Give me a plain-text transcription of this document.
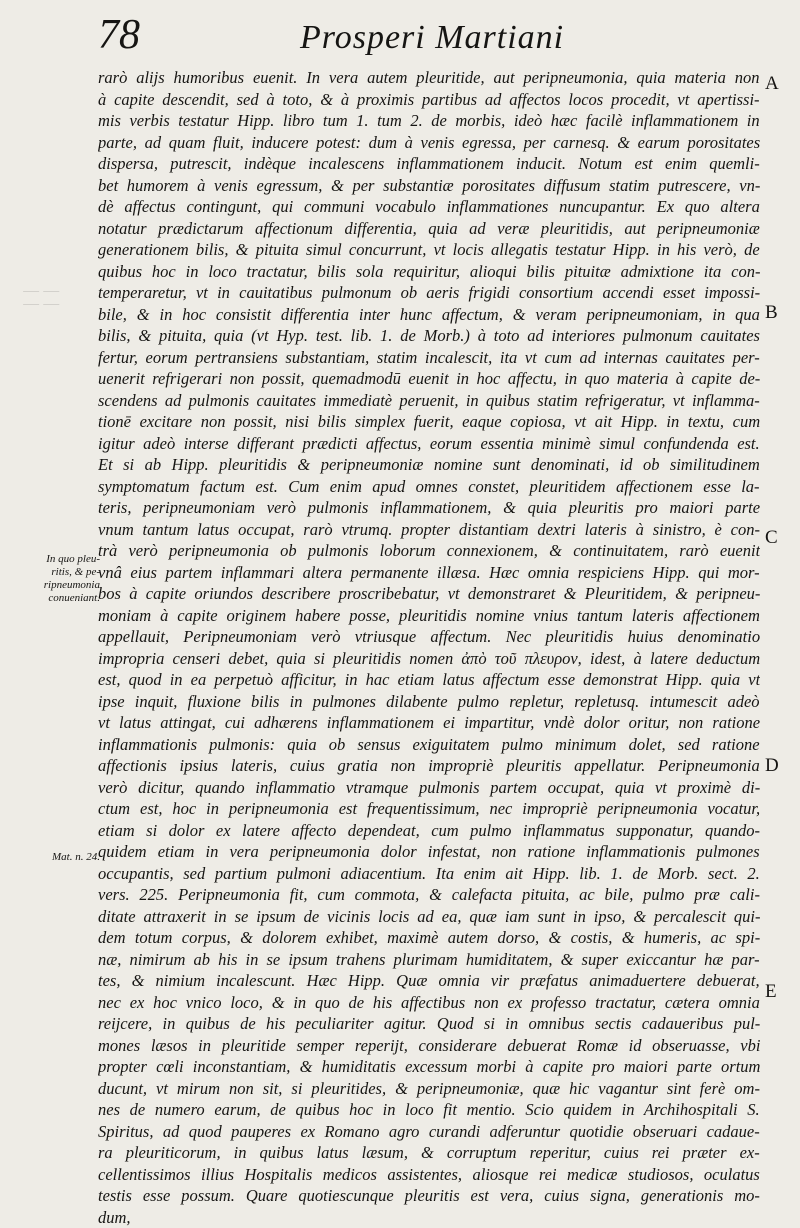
78	Prosperi Martiani
⸺ ⸺
⸺ ⸺
rarò alijs humoribus euenit. In vera autem pleuritide, aut peripneumonia, quia materia non
à capite descendit, sed à toto, & à proximis partibus ad affectos locos procedit, vt apertissi-
mis verbis testatur Hipp. libro tum 1. tum 2. de morbis, ideò hæc facilè inflammationem in
parte, ad quam fluit, inducere potest: dum à venis egressa, per carnesq. & earum porositates
dispersa, putrescit, indèque incalescens inflammationem inducit. Notum est enim quemli-
bet humorem à venis egressum, & per substantiæ porositates diffusum statim putrescere, vn-
dè affectus contingunt, qui communi vocabulo inflammationes nuncupantur. Ex quo altera
notatur prædictarum affectionum differentia, quia ad veræ pleuritidis, aut peripneumoniæ
generationem bilis, & pituita simul concurrunt, vt locis allegatis testatur Hipp. in his verò, de
quibus hoc in loco tractatur, bilis sola requiritur, alioqui bilis pituitæ admixtione ita con-
temperaretur, vt in cauitatibus pulmonum ob aeris frigidi consortium accendi esset impossi-
bile, & in hoc consistit differentia inter hunc affectum, & veram peripneumoniam, in qua
bilis, & pituita, quia (vt Hyp. test. lib. 1. de Morb.) à toto ad interiores pulmonum cauitates
fertur, eorum pertransiens substantiam, statim incalescit, ita vt cum ad internas cauitates per-
uenerit refrigerari non possit, quemadmodū euenit in hoc affectu, in quo materia à capite de-
scendens ad pulmonis cauitates immediatè peruenit, in quibus statim refrigeratur, vt inflamma-
tionē excitare non possit, nisi bilis simplex fuerit, eaque copiosa, vt ait Hipp. in textu, cum
igitur adeò interse differant prædicti affectus, eorum essentia minimè simul confundenda est.
Et si ab Hipp. pleuritidis & peripneumoniæ nomine sunt denominati, id ob similitudinem
symptomatum factum est. Cum enim apud omnes constet, pleuritidem affectionem esse la-
teris, peripneumoniam verò pulmonis inflammationem, & quia pleuritis pro maiori parte
vnum tantum latus occupat, rarò vtrumq. propter distantiam dextri lateris à sinistro, è con-
trà verò peripneumonia ob pulmonis loborum connexionem, & continuitatem, rarò euenit
vnâ eius partem inflammari altera permanente illæsa. Hæc omnia respiciens Hipp. qui mor-
bos à capite oriundos describere proscribebatur, vt demonstraret & Pleuritidem, & peripneu-
moniam à capite originem habere posse, pleuritidis nomine vnius tantum lateris affectionem
appellauit, Peripneumoniam verò vtriusque affectum. Nec pleuritidis huius denominatio
impropria censeri debet, quia si pleuritidis nomen ἀπὸ τοῦ πλευρον, idest, à latere deductum
est, quod in ea perpetuò afficitur, in hac etiam latus affectum esse demonstrat Hipp. quia vt
ipse inquit, fluxione bilis in pulmones dilabente pulmo repletur, repletusq. intumescit adeò
vt latus attingat, cui adhærens inflammationem ei impartitur, vndè dolor oritur, non ratione
inflammationis pulmonis: quia ob sensus exiguitatem pulmo minimum dolet, sed ratione
affectionis ipsius lateris, cuius gratia non impropriè pleuritis appellatur. Peripneumonia
verò dicitur, quando inflammatio vtramque pulmonis partem occupat, quia vt proximè di-
ctum est, hoc in peripneumonia est frequentissimum, nec impropriè peripneumonia vocatur,
etiam si dolor ex latere affecto dependeat, cum pulmo inflammatus supponatur, quando-
quidem etiam in vera peripneumonia dolor infestat, non ratione inflammationis pulmones
occupantis, sed partium pulmoni adiacentium. Ita enim ait Hipp. lib. 1. de Morb. sect. 2.
vers. 225. Peripneumonia fit, cum commota, & calefacta pituita, ac bile, pulmo præ cali-
ditate attraxerit in se ipsum de vicinis locis ad ea, quæ iam sunt in ipso, & percalescit qui-
dem totum corpus, & dolorem exhibet, maximè autem dorso, & costis, & humeris, ac spi-
næ, nimirum ab his in se ipsum trahens plurimam humiditatem, & super exiccantur hæ par-
tes, & nimium incalescunt. Hæc Hipp. Quæ omnia vir præfatus animaduertere debuerat,
nec ex hoc vnico loco, & in quo de his affectibus non ex professo tractatur, cætera omnia
reijcere, in quibus de his peculiariter agitur. Quod si in omnibus sectis cadaueribus pul-
mones læsos in pleuritide semper reperijt, considerare debuerat Romæ id obseruasse, vbi
propter cœli inconstantiam, & humiditatis excessum morbi à capite pro maiori parte ortum
ducunt, vt mirum non sit, si pleuritides, & peripneumoniæ, quæ hic vagantur sint ferè om-
nes de numero earum, de quibus hoc in loco fit mentio. Scio quidem in Archihospitali S.
Spiritus, ad quod pauperes ex Romano agro curandi adferuntur quotidie obseruari cadaue-
ra pleuriticorum, in quibus latus læsum, & corruptum reperitur, cuius rei præter ex-
cellentissimos illius Hospitalis medicos assistentes, aliosque rei medicæ studiosos, oculatus
testis esse possum. Quare quotiescunque pleuritis est vera, cuius signa, generationis mo-
dum,
In quo pleu-
ritis, & pe-
ripneumonia
conueniant.
Mat. n. 24.
A
B
C
D
E
